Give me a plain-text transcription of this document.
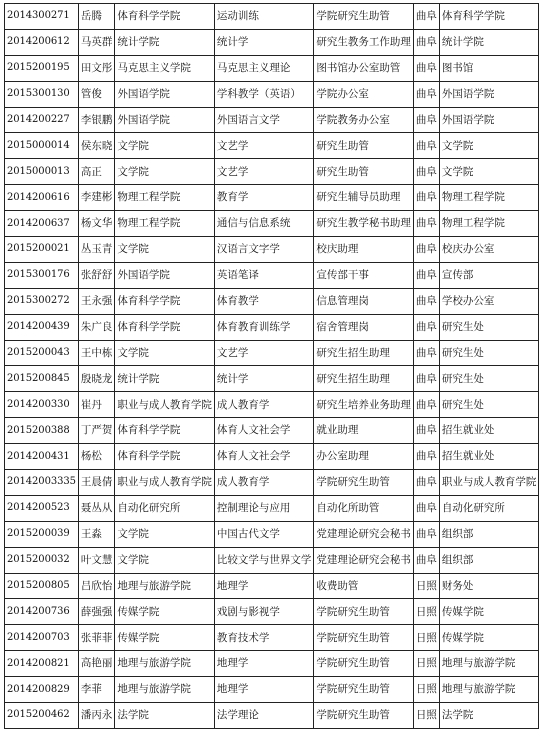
2014300271	岳腾	体育科学学院	运动训练	学院研究生助管	曲阜	体育科学学院
2014200612	马英群	统计学院	统计学	研究生教务工作助理	曲阜	统计学院
2015200195	田文彤	马克思主义学院	马克思主义理论	图书馆办公室助管	曲阜	图书馆
2015300130	管俊	外国语学院	学科教学（英语）	学院办公室	曲阜	外国语学院
2014200227	李银鹏	外国语学院	外国语言文学	学院教务办公室	曲阜	外国语学院
2015000014	侯东晓	文学院	文艺学	研究生助管	曲阜	文学院
2015000013	高正	文学院	文艺学	研究生助管	曲阜	文学院
2014200616	李建彬	物理工程学院	教育学	研究生辅导员助理	曲阜	物理工程学院
2014200637	杨文华	物理工程学院	通信与信息系统	研究生教学秘书助理	曲阜	物理工程学院
2015200021	丛玉青	文学院	汉语言文字学	校庆助理	曲阜	校庆办公室
2015300176	张舒舒	外国语学院	英语笔译	宣传部干事	曲阜	宣传部
2015300272	王永强	体育科学学院	体育教学	信息管理岗	曲阜	学校办公室
2014200439	朱广良	体育科学学院	体育教育训练学	宿舍管理岗	曲阜	研究生处
2015200043	王中栋	文学院	文艺学	研究生招生助理	曲阜	研究生处
2015200845	殷晓龙	统计学院	统计学	研究生招生助理	曲阜	研究生处
2014200330	崔丹	职业与成人教育学院	成人教育学	研究生培养业务助理	曲阜	研究生处
2015200388	丁严贺	体育科学学院	体育人文社会学	就业助理	曲阜	招生就业处
2014200431	杨松	体育科学学院	体育人文社会学	办公室助理	曲阜	招生就业处
20142003335	王晨倩	职业与成人教育学院	成人教育学	学院研究生助管	曲阜	职业与成人教育学院
2014200523	聂丛从	自动化研究所	控制理论与应用	自动化所助管	曲阜	自动化研究所
2015200039	王淼	文学院	中国古代文学	党建理论研究会秘书	曲阜	组织部
2015200032	叶文慧	文学院	比较文学与世界文学	党建理论研究会秘书	曲阜	组织部
2015200805	吕欣怡	地理与旅游学院	地理学	收费助管	日照	财务处
2014200736	薛强强	传媒学院	戏剧与影视学	学院研究生助管	日照	传媒学院
2014200703	张菲菲	传媒学院	教育技术学	学院研究生助管	日照	传媒学院
2014200821	高艳丽	地理与旅游学院	地理学	学院研究生助管	日照	地理与旅游学院
2014200829	李菲	地理与旅游学院	地理学	学院研究生助管	日照	地理与旅游学院
2015200462	潘丙永	法学院	法学理论	学院研究生助管	日照	法学院
